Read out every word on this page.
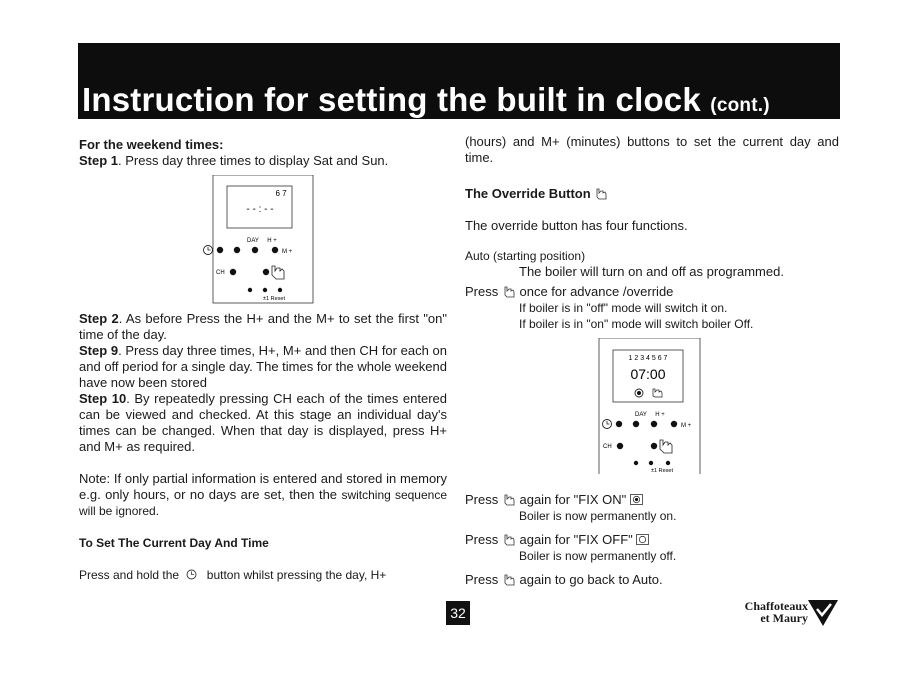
Instruction for setting the built in clock (cont.)

For the weekend times:

Step 1. Press day three times to display Sat and Sun.

6 7
- - : - -
DAY H +
M +
CH
±1 Reset

Step 2. As before Press the H+ and the M+ to set the first "on" time of the day.

Step 9. Press day three times, H+, M+ and then CH for each on and off period for a single day. The times for the whole weekend have now been stored

Step 10. By repeatedly pressing CH each of the times entered can be viewed and checked. At this stage an individual day's times can be changed. When that day is displayed, press H+ and M+ as required.

Note: If only partial information is entered and stored in memory e.g. only hours, or no days are set, then the switching sequence will be ignored.

To Set The Current Day And Time

Press and hold the button whilst pressing the day, H+

(hours) and M+ (minutes) buttons to set the current day and time.

The Override Button

The override button has four functions.

Auto (starting position)

The boiler will turn on and off as programmed.

Press once for advance /override

If boiler is in "off" mode will switch it on.

If boiler is in "on" mode will switch boiler Off.

1 2 3 4 5 6 7
07:00
DAY H +
M +
CH
±1 Reset

Press again for "FIX ON"

Boiler is now permanently on.

Press again for "FIX OFF"

Boiler is now permanently off.

Press again to go back to Auto.

32	Chaffoteaux
et Maury
